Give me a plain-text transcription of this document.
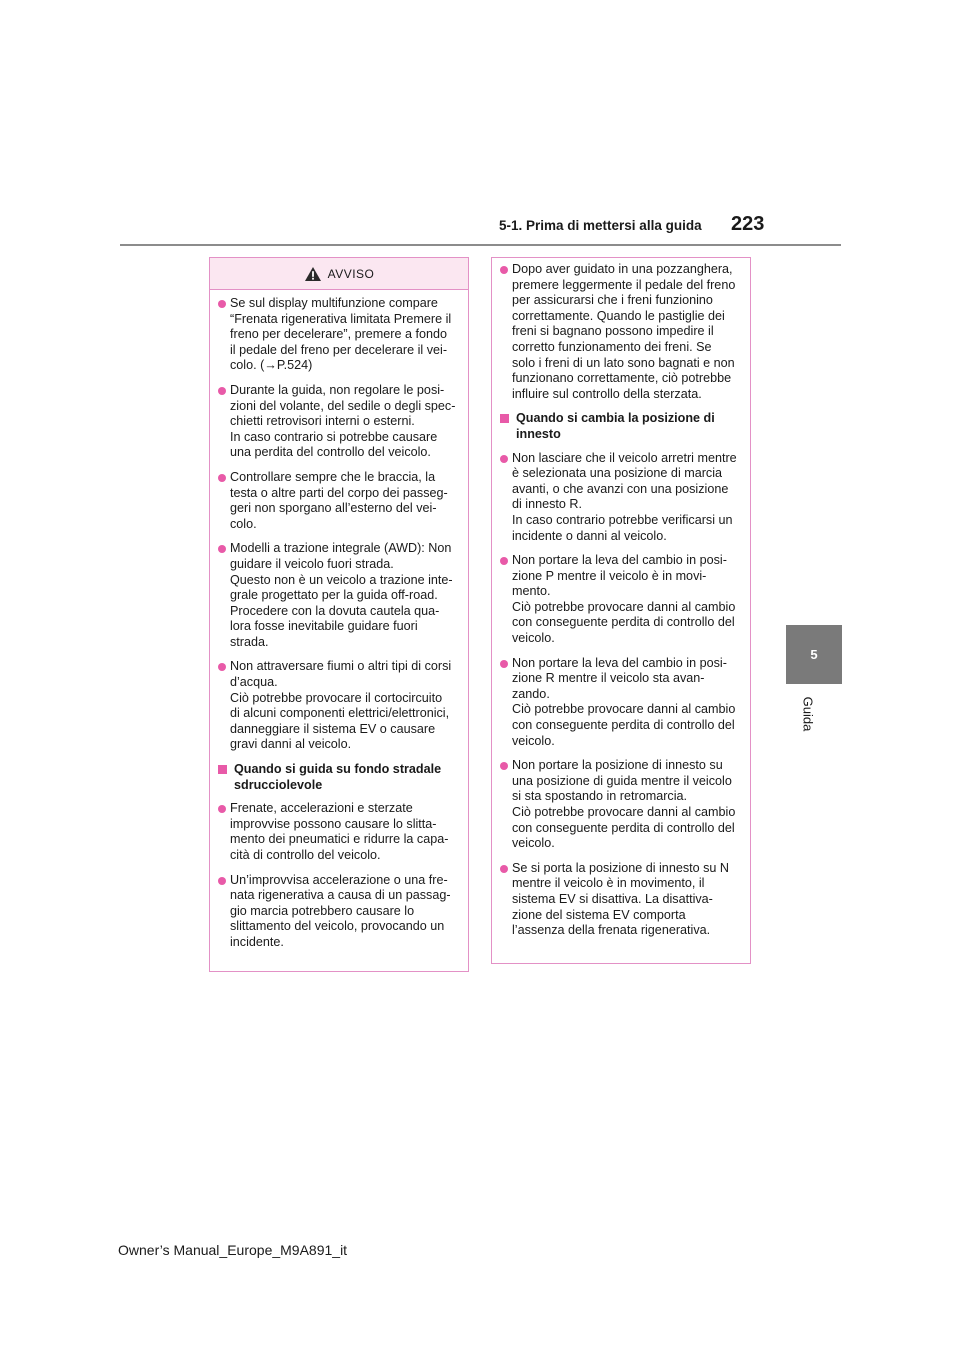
5-1. Prima di mettersi alla guida 223
5
Guida
AVVISO
Se sul display multifunzione compare
“Frenata rigenerativa limitata Premere il
freno per decelerare”, premere a fondo
il pedale del freno per decelerare il vei-
colo. (→P.524)
Durante la guida, non regolare le posi-
zioni del volante, del sedile o degli spec-
chietti retrovisori interni o esterni.
In caso contrario si potrebbe causare
una perdita del controllo del veicolo.
Controllare sempre che le braccia, la
testa o altre parti del corpo dei passeg-
geri non sporgano all’esterno del vei-
colo.
Modelli a trazione integrale (AWD): Non
guidare il veicolo fuori strada.
Questo non è un veicolo a trazione inte-
grale progettato per la guida off-road.
Procedere con la dovuta cautela qua-
lora fosse inevitabile guidare fuori
strada.
Non attraversare fiumi o altri tipi di corsi
d’acqua.
Ciò potrebbe provocare il cortocircuito
di alcuni componenti elettrici/elettronici,
danneggiare il sistema EV o causare
gravi danni al veicolo.
Quando si guida su fondo stradale
sdrucciolevole
Frenate, accelerazioni e sterzate
improvvise possono causare lo slitta-
mento dei pneumatici e ridurre la capa-
cità di controllo del veicolo.
Un’improvvisa accelerazione o una fre-
nata rigenerativa a causa di un passag-
gio marcia potrebbero causare lo
slittamento del veicolo, provocando un
incidente.
Dopo aver guidato in una pozzanghera,
premere leggermente il pedale del freno
per assicurarsi che i freni funzionino
correttamente. Quando le pastiglie dei
freni si bagnano possono impedire il
corretto funzionamento dei freni. Se
solo i freni di un lato sono bagnati e non
funzionano correttamente, ciò potrebbe
influire sul controllo della sterzata.
Quando si cambia la posizione di
innesto
Non lasciare che il veicolo arretri mentre
è selezionata una posizione di marcia
avanti, o che avanzi con una posizione
di innesto R.
In caso contrario potrebbe verificarsi un
incidente o danni al veicolo.
Non portare la leva del cambio in posi-
zione P mentre il veicolo è in movi-
mento.
Ciò potrebbe provocare danni al cambio
con conseguente perdita di controllo del
veicolo.
Non portare la leva del cambio in posi-
zione R mentre il veicolo sta avan-
zando.
Ciò potrebbe provocare danni al cambio
con conseguente perdita di controllo del
veicolo.
Non portare la posizione di innesto su
una posizione di guida mentre il veicolo
si sta spostando in retromarcia.
Ciò potrebbe provocare danni al cambio
con conseguente perdita di controllo del
veicolo.
Se si porta la posizione di innesto su N
mentre il veicolo è in movimento, il
sistema EV si disattiva. La disattiva-
zione del sistema EV comporta
l’assenza della frenata rigenerativa.
Owner’s Manual_Europe_M9A891_it
